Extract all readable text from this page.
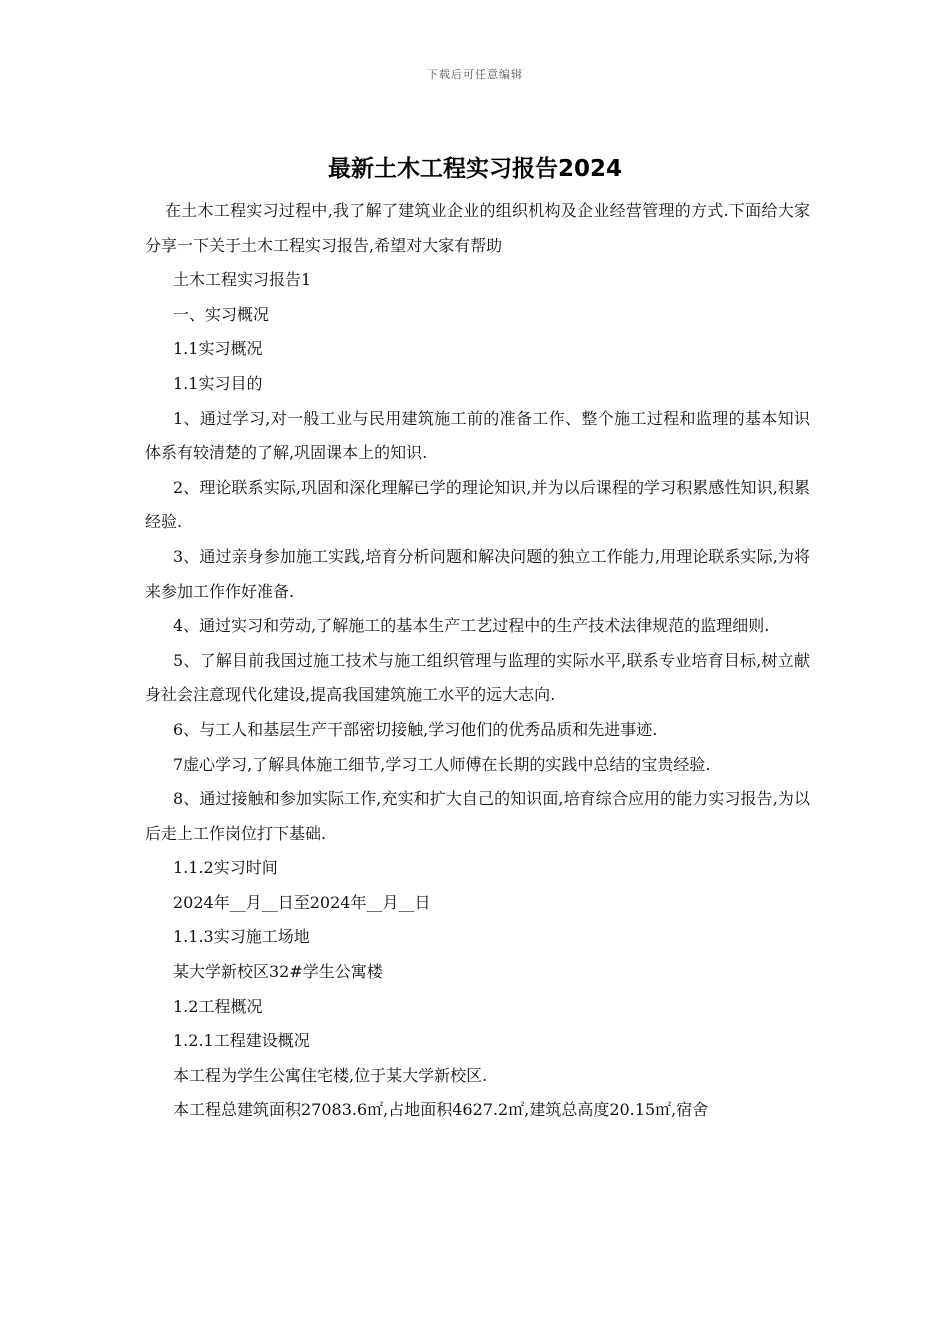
下载后可任意编辑
最新土木工程实习报告2024

在土木工程实习过程中,我了解了建筑业企业的组织机构及企业经营管理的方式.下面给大家分享一下关于土木工程实习报告,希望对大家有帮助

土木工程实习报告1

一、实习概况

1.1实习概况

1.1实习目的

1、通过学习,对一般工业与民用建筑施工前的准备工作、整个施工过程和监理的基本知识体系有较清楚的了解,巩固课本上的知识.

2、理论联系实际,巩固和深化理解已学的理论知识,并为以后课程的学习积累感性知识,积累经验.

3、通过亲身参加施工实践,培育分析问题和解决问题的独立工作能力,用理论联系实际,为将来参加工作作好准备.

4、通过实习和劳动,了解施工的基本生产工艺过程中的生产技术法律规范的监理细则.

5、了解目前我国过施工技术与施工组织管理与监理的实际水平,联系专业培育目标,树立献身社会注意现代化建设,提高我国建筑施工水平的远大志向.

6、与工人和基层生产干部密切接触,学习他们的优秀品质和先进事迹.

7虚心学习,了解具体施工细节,学习工人师傅在长期的实践中总结的宝贵经验.

8、通过接触和参加实际工作,充实和扩大自己的知识面,培育综合应用的能力实习报告,为以后走上工作岗位打下基础.

1.1.2实习时间

2024年__月__日至2024年__月__日

1.1.3实习施工场地

某大学新校区32#学生公寓楼

1.2工程概况

1.2.1工程建设概况

本工程为学生公寓住宅楼,位于某大学新校区.

本工程总建筑面积27083.6㎡,占地面积4627.2㎡,建筑总高度20.15㎡,宿舍
